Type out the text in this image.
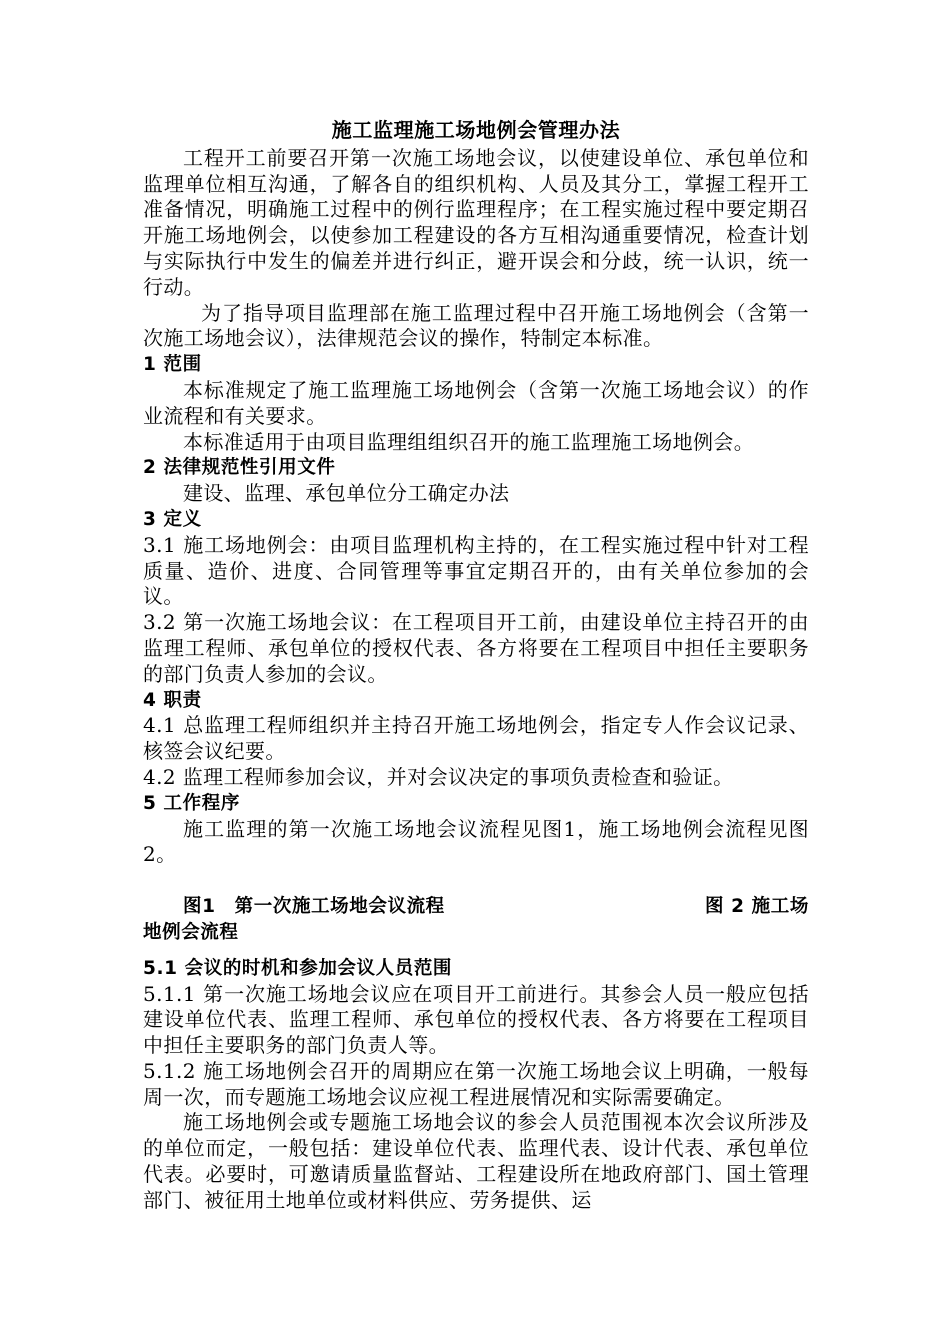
施工监理施工场地例会管理办法

工程开工前要召开第一次施工场地会议，以使建设单位、承包单位和监理单位相互沟通，了解各自的组织机构、人员及其分工，掌握工程开工准备情况，明确施工过程中的例行监理程序；在工程实施过程中要定期召开施工场地例会，以使参加工程建设的各方互相沟通重要情况，检查计划与实际执行中发生的偏差并进行纠正，避开误会和分歧，统一认识，统一行动。

为了指导项目监理部在施工监理过程中召开施工场地例会（含第一次施工场地会议），法律规范会议的操作，特制定本标准。

1 范围

本标准规定了施工监理施工场地例会（含第一次施工场地会议）的作业流程和有关要求。

本标准适用于由项目监理组组织召开的施工监理施工场地例会。

2 法律规范性引用文件

建设、监理、承包单位分工确定办法

3 定义

3.1 施工场地例会：由项目监理机构主持的，在工程实施过程中针对工程质量、造价、进度、合同管理等事宜定期召开的，由有关单位参加的会议。

3.2 第一次施工场地会议：在工程项目开工前，由建设单位主持召开的由监理工程师、承包单位的授权代表、各方将要在工程项目中担任主要职务的部门负责人参加的会议。

4 职责

4.1 总监理工程师组织并主持召开施工场地例会，指定专人作会议记录、核签会议纪要。

4.2 监理工程师参加会议，并对会议决定的事项负责检查和验证。

5 工作程序

施工监理的第一次施工场地会议流程见图1，施工场地例会流程见图2。

图1　第一次施工场地会议流程	图 2 施工场
地例会流程
5.1 会议的时机和参加会议人员范围

5.1.1 第一次施工场地会议应在项目开工前进行。其参会人员一般应包括建设单位代表、监理工程师、承包单位的授权代表、各方将要在工程项目中担任主要职务的部门负责人等。

5.1.2 施工场地例会召开的周期应在第一次施工场地会议上明确，一般每周一次，而专题施工场地会议应视工程进展情况和实际需要确定。

施工场地例会或专题施工场地会议的参会人员范围视本次会议所涉及的单位而定，一般包括：建设单位代表、监理代表、设计代表、承包单位代表。必要时，可邀请质量监督站、工程建设所在地政府部门、国土管理部门、被征用土地单位或材料供应、劳务提供、运
